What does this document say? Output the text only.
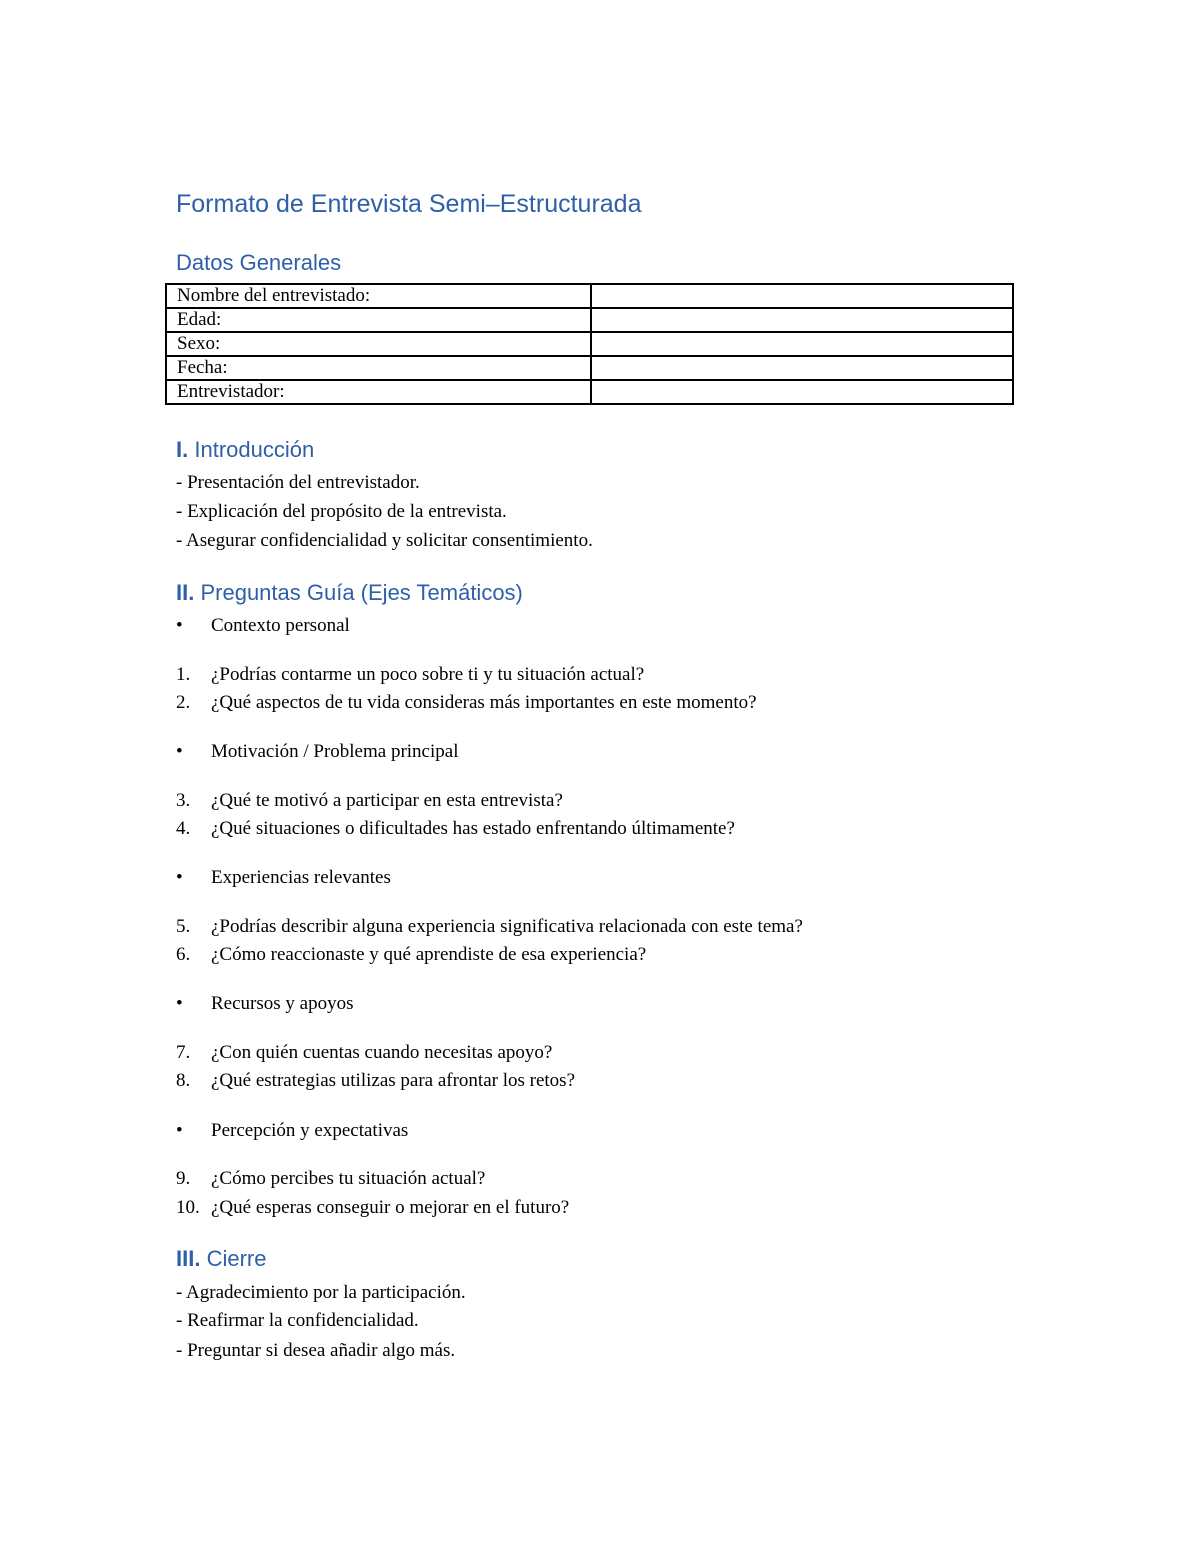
Formato de Entrevista Semi–Estructurada
Datos Generales
Nombre del entrevistado:	
Edad:	
Sexo:	
Fecha:	
Entrevistador:	
I. Introducción
- Presentación del entrevistador.
- Explicación del propósito de la entrevista.
- Asegurar confidencialidad y solicitar consentimiento.
II. Preguntas Guía (Ejes Temáticos)
• Contexto personal
1. ¿Podrías contarme un poco sobre ti y tu situación actual?
2. ¿Qué aspectos de tu vida consideras más importantes en este momento?
• Motivación / Problema principal
3. ¿Qué te motivó a participar en esta entrevista?
4. ¿Qué situaciones o dificultades has estado enfrentando últimamente?
• Experiencias relevantes
5. ¿Podrías describir alguna experiencia significativa relacionada con este tema?
6. ¿Cómo reaccionaste y qué aprendiste de esa experiencia?
• Recursos y apoyos
7. ¿Con quién cuentas cuando necesitas apoyo?
8. ¿Qué estrategias utilizas para afrontar los retos?
• Percepción y expectativas
9. ¿Cómo percibes tu situación actual?
10. ¿Qué esperas conseguir o mejorar en el futuro?
III. Cierre
- Agradecimiento por la participación.
- Reafirmar la confidencialidad.
- Preguntar si desea añadir algo más.
